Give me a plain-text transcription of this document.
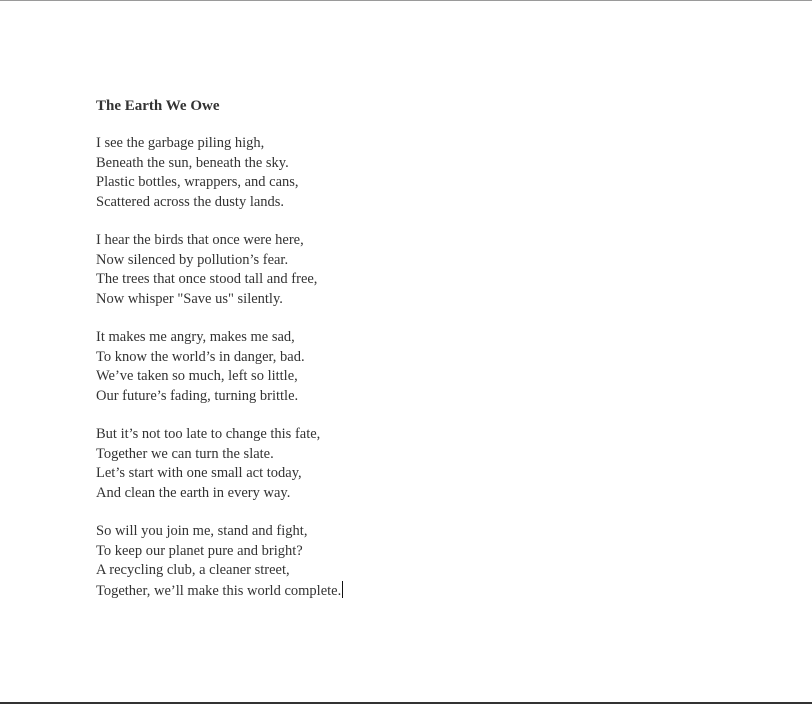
The Earth We Owe
I see the garbage piling high,
Beneath the sun, beneath the sky.
Plastic bottles, wrappers, and cans,
Scattered across the dusty lands.
I hear the birds that once were here,
Now silenced by pollution’s fear.
The trees that once stood tall and free,
Now whisper "Save us" silently.
It makes me angry, makes me sad,
To know the world’s in danger, bad.
We’ve taken so much, left so little,
Our future’s fading, turning brittle.
But it’s not too late to change this fate,
Together we can turn the slate.
Let’s start with one small act today,
And clean the earth in every way.
So will you join me, stand and fight,
To keep our planet pure and bright?
A recycling club, a cleaner street,
Together, we’ll make this world complete.
